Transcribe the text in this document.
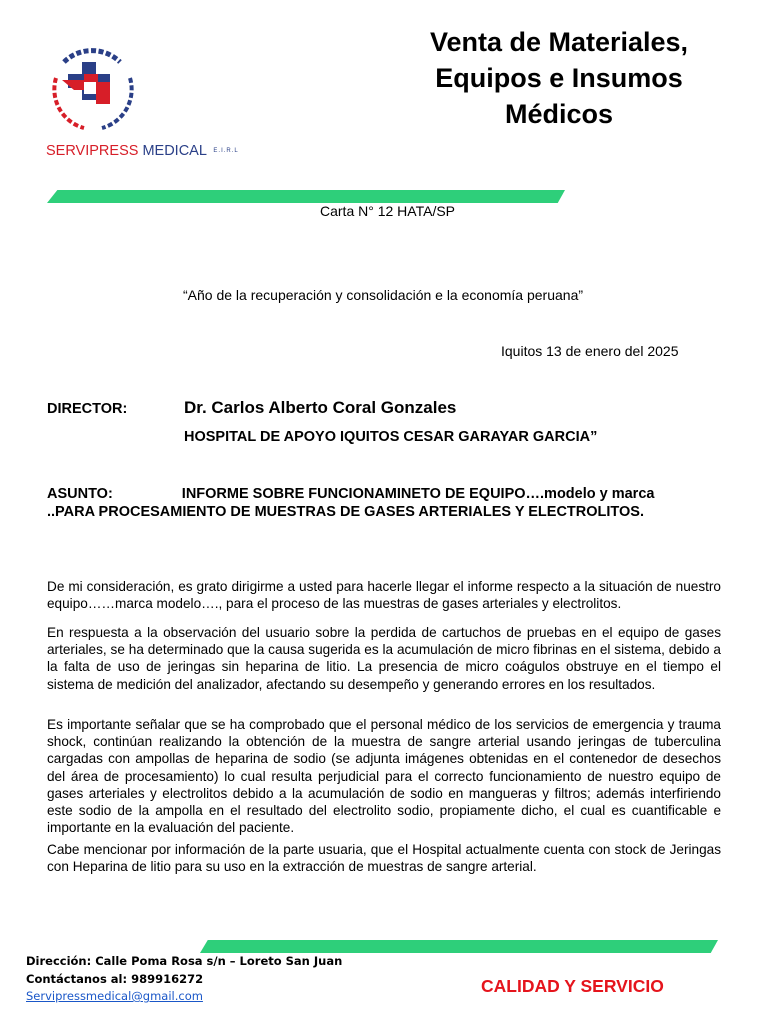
SERVIPRESS MEDICAL E.I.R.L
Venta de Materiales,
Equipos e Insumos
Médicos
Carta N° 12 HATA/SP
“Año de la recuperación y consolidación e la economía peruana”
Iquitos 13 de enero del 2025
DIRECTOR:	Dr. Carlos Alberto Coral Gonzales
HOSPITAL DE APOYO IQUITOS CESAR GARAYAR GARCIA”
ASUNTO:	INFORME SOBRE FUNCIONAMINETO DE EQUIPO….modelo y marca ..PARA PROCESAMIENTO DE MUESTRAS DE GASES ARTERIALES Y ELECTROLITOS.
De mi consideración, es grato dirigirme a usted para hacerle llegar el informe respecto a la situación de nuestro equipo……marca modelo…., para el proceso de las muestras de gases arteriales y electrolitos.
En respuesta a la observación del usuario sobre la perdida de cartuchos de pruebas en el equipo de gases arteriales, se ha determinado que la causa sugerida es la acumulación de micro fibrinas en el sistema, debido a la falta de uso de jeringas sin heparina de litio. La presencia de micro coágulos obstruye en el tiempo el sistema de medición del analizador, afectando su desempeño y generando errores en los resultados.
Es importante señalar que se ha comprobado que el personal médico de los servicios de emergencia y trauma shock, continúan realizando la obtención de la muestra de sangre arterial usando jeringas de tuberculina cargadas con ampollas de heparina de sodio (se adjunta imágenes obtenidas en el contenedor de desechos del área de procesamiento) lo cual resulta perjudicial para el correcto funcionamiento de nuestro equipo de gases arteriales y electrolitos debido a la acumulación de sodio en mangueras y filtros; además interfiriendo este sodio de la ampolla en el resultado del electrolito sodio, propiamente dicho, el cual es cuantificable e importante en la evaluación del paciente.
Cabe mencionar por información de la parte usuaria, que el Hospital actualmente cuenta con stock de Jeringas con Heparina de litio para su uso en la extracción de muestras de sangre arterial.
Dirección: Calle Poma Rosa s/n – Loreto San Juan
Contáctanos al: 989916272
Servipressmedical@gmail.com	CALIDAD Y SERVICIO
